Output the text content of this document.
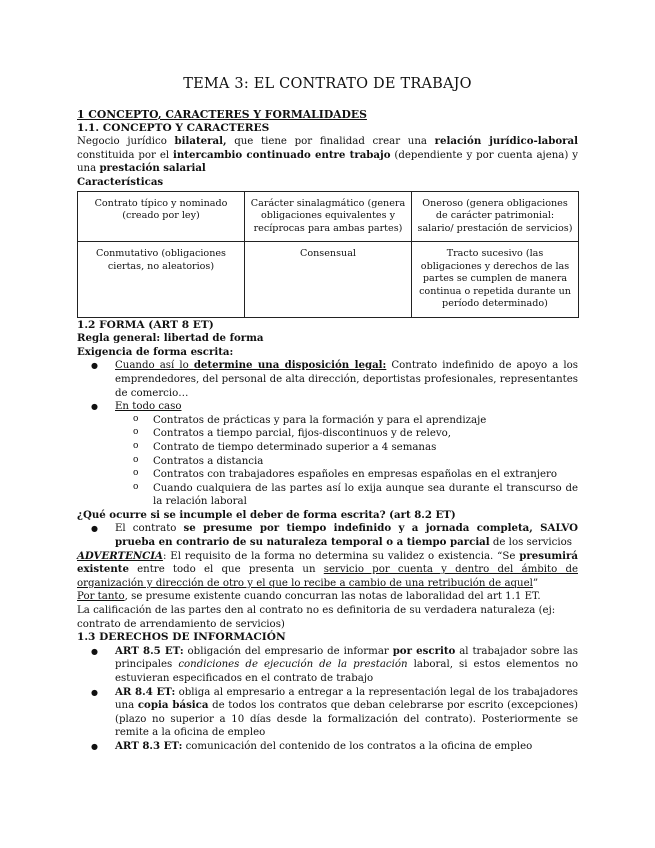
TEMA 3: EL CONTRATO DE TRABAJO

1 CONCEPTO, CARACTERES Y FORMALIDADES

1.1. CONCEPTO Y CARACTERES

Negocio jurídico bilateral, que tiene por finalidad crear una relación jurídico-laboral constituida por el intercambio continuado entre trabajo (dependiente y por cuenta ajena) y una prestación salarial

Características

Contrato típico y nominado (creado por ley)	Carácter sinalagmático (genera obligaciones equivalentes y recíprocas para ambas partes)	Oneroso (genera obligaciones de carácter patrimonial: salario/ prestación de servicios)
Conmutativo (obligaciones ciertas, no aleatorios)	Consensual	Tracto sucesivo (las obligaciones y derechos de las partes se cumplen de manera continua o repetida durante un período determinado)

1.2 FORMA (ART 8 ET)

Regla general: libertad de forma

Exigencia de forma escrita:

● Cuando así lo determine una disposición legal: Contrato indefinido de apoyo a los emprendedores, del personal de alta dirección, deportistas profesionales, representantes de comercio…
● En todo caso
o Contratos de prácticas y para la formación y para el aprendizaje
o Contratos a tiempo parcial, fijos-discontinuos y de relevo,
o Contrato de tiempo determinado superior a 4 semanas
o Contratos a distancia
o Contratos con trabajadores españoles en empresas españolas en el extranjero
o Cuando cualquiera de las partes así lo exija aunque sea durante el transcurso de la relación laboral

¿Qué ocurre si se incumple el deber de forma escrita? (art 8.2 ET)

● El contrato se presume por tiempo indefinido y a jornada completa, SALVO prueba en contrario de su naturaleza temporal o a tiempo parcial de los servicios

ADVERTENCIA: El requisito de la forma no determina su validez o existencia. “Se presumirá existente entre todo el que presenta un servicio por cuenta y dentro del ámbito de organización y dirección de otro y el que lo recibe a cambio de una retribución de aquel”

Por tanto, se presume existente cuando concurran las notas de laboralidad del art 1.1 ET.

La calificación de las partes den al contrato no es definitoria de su verdadera naturaleza (ej: contrato de arrendamiento de servicios)

1.3 DERECHOS DE INFORMACIÓN

● ART 8.5 ET: obligación del empresario de informar por escrito al trabajador sobre las principales condiciones de ejecución de la prestación laboral, si estos elementos no estuvieran especificados en el contrato de trabajo
● AR 8.4 ET: obliga al empresario a entregar a la representación legal de los trabajadores una copia básica de todos los contratos que deban celebrarse por escrito (excepciones) (plazo no superior a 10 días desde la formalización del contrato). Posteriormente se remite a la oficina de empleo
● ART 8.3 ET: comunicación del contenido de los contratos a la oficina de empleo
